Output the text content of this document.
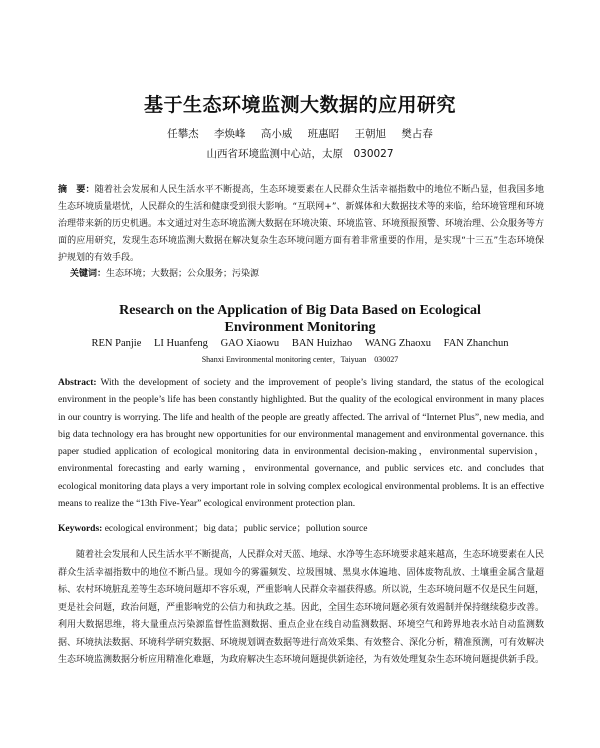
基于生态环境监测大数据的应用研究
任攀杰 李焕峰 高小威 班惠昭 王朝旭 樊占春
山西省环境监测中心站，太原　030027
摘　要：随着社会发展和人民生活水平不断提高，生态环境要素在人民群众生活幸福指数中的地位不断凸显，但我国多地生态环境质量堪忧，人民群众的生活和健康受到很大影响。“互联网+”、新媒体和大数据技术等的来临，给环境管理和环境治理带来新的历史机遇。本文通过对生态环境监测大数据在环境决策、环境监管、环境预报预警、环境治理、公众服务等方面的应用研究，发现生态环境监测大数据在解决复杂生态环境问题方面有着非常重要的作用，是实现“十三五”生态环境保护规划的有效手段。
关键词：生态环境；大数据；公众服务；污染源
Research on the Application of Big Data Based on Ecological
Environment Monitoring
REN Panjie LI Huanfeng GAO Xiaowu BAN Huizhao WANG Zhaoxu FAN Zhanchun
Shanxi Environmental monitoring center，Taiyuan　030027
Abstract: With the development of society and the improvement of people’s living standard, the status of the ecological environment in the people’s life has been constantly highlighted. But the quality of the ecological environment in many places in our country is worrying. The life and health of the people are greatly affected. The arrival of “Internet Plus”, new media, and big data technology era has brought new opportunities for our environmental management and environmental governance. this paper studied application of ecological monitoring data in environmental decision-making，environmental supervision，environmental forecasting and early warning，environmental governance, and public services etc. and concludes that ecological monitoring data plays a very important role in solving complex ecological environmental problems. It is an effective means to realize the “13th Five-Year” ecological environment protection plan.
Keywords: ecological environment；big data；public service；pollution source

随着社会发展和人民生活水平不断提高，人民群众对天蓝、地绿、水净等生态环境要求越来越高，生态环境要素在人民群众生活幸福指数中的地位不断凸显。现如今的雾霾频发、垃圾围城、黑臭水体遍地、固体废物乱放、土壤重金属含量超标、农村环境脏乱差等生态环境问题却不容乐观，严重影响人民群众幸福获得感。所以说，生态环境问题不仅是民生问题，更是社会问题，政治问题，严重影响党的公信力和执政之基。因此，全国生态环境问题必须有效遏制并保持继续稳步改善。利用大数据思维，将大量重点污染源监督性监测数据、重点企业在线自动监测数据、环境空气和跨界地表水站自动监测数据、环境执法数据、环境科学研究数据、环境规划调查数据等进行高效采集、有效整合、深化分析，精准预测，可有效解决生态环境监测数据分析应用精准化难题，为政府解决生态环境问题提供新途径，为有效处理复杂生态环境问题提供新手段。
